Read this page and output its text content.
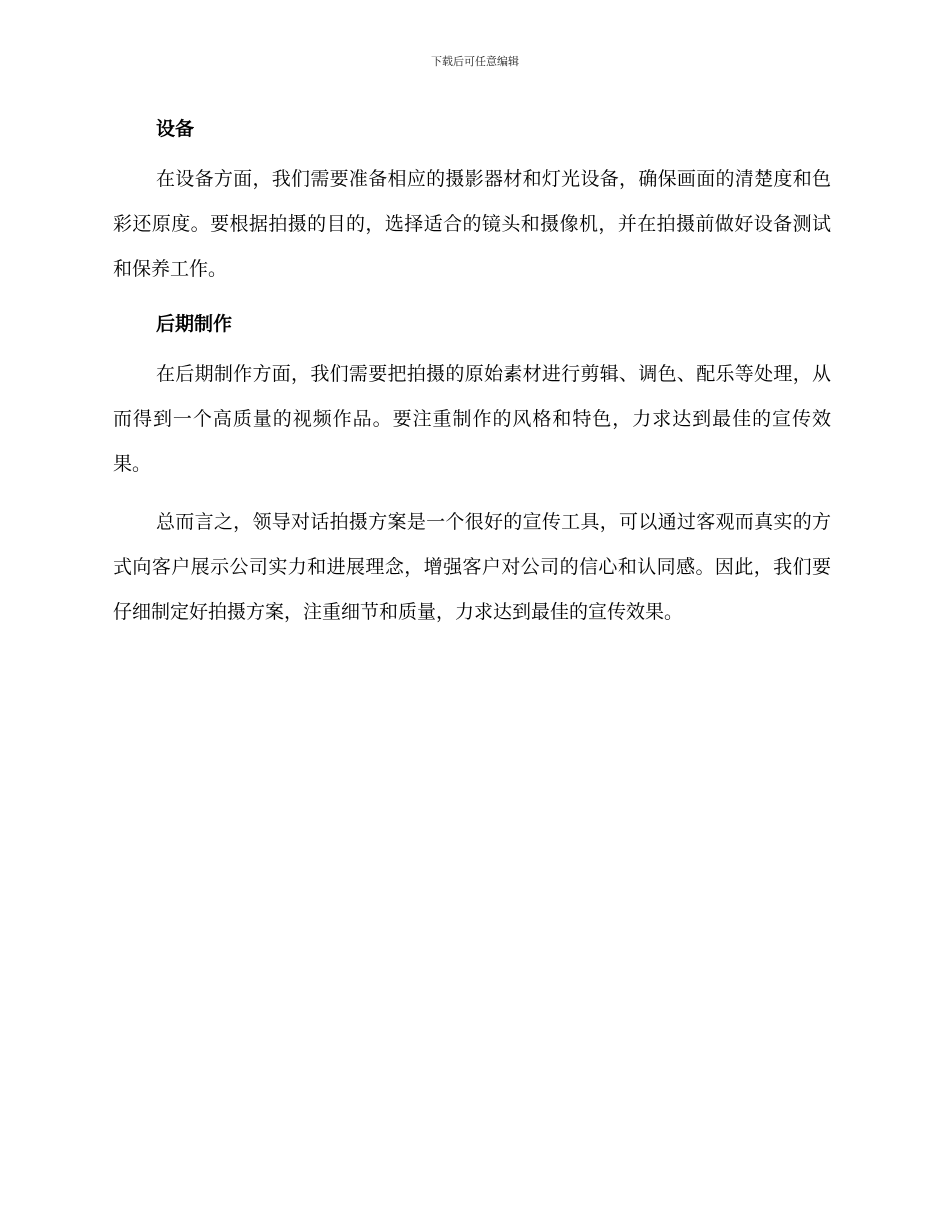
下载后可任意编辑
设备

在设备方面，我们需要准备相应的摄影器材和灯光设备，确保画面的清楚度和色彩还原度。要根据拍摄的目的，选择适合的镜头和摄像机，并在拍摄前做好设备测试和保养工作。

后期制作

在后期制作方面，我们需要把拍摄的原始素材进行剪辑、调色、配乐等处理，从而得到一个高质量的视频作品。要注重制作的风格和特色，力求达到最佳的宣传效果。

总而言之，领导对话拍摄方案是一个很好的宣传工具，可以通过客观而真实的方式向客户展示公司实力和进展理念，增强客户对公司的信心和认同感。因此，我们要仔细制定好拍摄方案，注重细节和质量，力求达到最佳的宣传效果。
